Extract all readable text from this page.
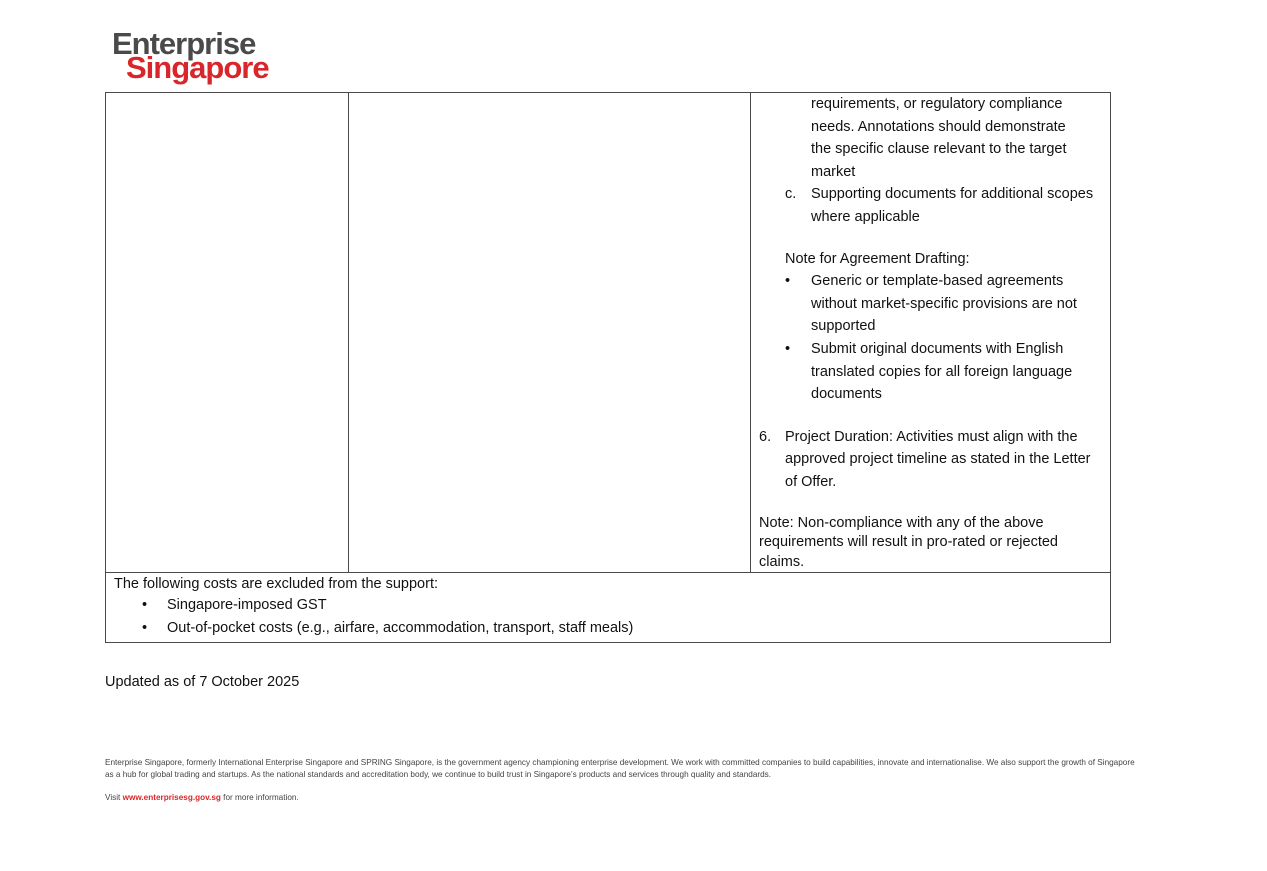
Enterprise
Singapore

requirements, or regulatory compliance
needs. Annotations should demonstrate
the specific clause relevant to the target
market
c. Supporting documents for additional scopes where applicable
Note for Agreement Drafting:
• Generic or template-based agreements without market-specific provisions are not supported
• Submit original documents with English translated copies for all foreign language documents
6. Project Duration: Activities must align with the approved project timeline as stated in the Letter of Offer.
Note: Non-compliance with any of the above requirements will result in pro-rated or rejected claims.

The following costs are excluded from the support:
• Singapore-imposed GST
• Out-of-pocket costs (e.g., airfare, accommodation, transport, staff meals)
Updated as of 7 October 2025
Enterprise Singapore, formerly International Enterprise Singapore and SPRING Singapore, is the government agency championing enterprise development. We work with committed companies to build capabilities, innovate and internationalise. We also support the growth of Singapore as a hub for global trading and startups. As the national standards and accreditation body, we continue to build trust in Singapore’s products and services through quality and standards.
Visit www.enterprisesg.gov.sg for more information.
